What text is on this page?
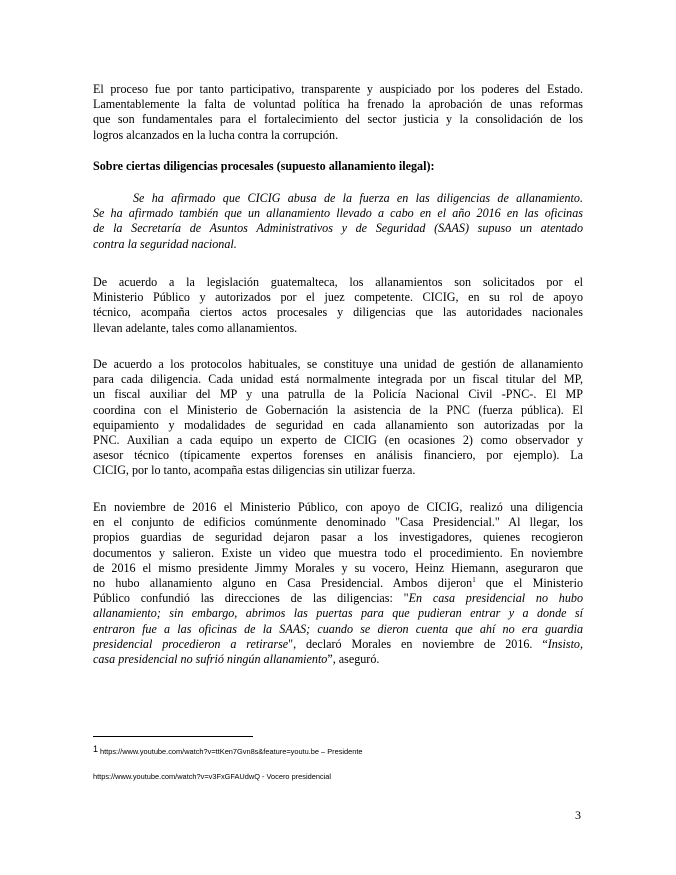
El proceso fue por tanto participativo, transparente y auspiciado por los poderes del Estado.
Lamentablemente la falta de voluntad política ha frenado la aprobación de unas reformas
que son fundamentales para el fortalecimiento del sector justicia y la consolidación de los
logros alcanzados en la lucha contra la corrupción.
Sobre ciertas diligencias procesales (supuesto allanamiento ilegal):
Se ha afirmado que CICIG abusa de la fuerza en las diligencias de allanamiento.
Se ha afirmado también que un allanamiento llevado a cabo en el año 2016 en las oficinas
de la Secretaría de Asuntos Administrativos y de Seguridad (SAAS) supuso un atentado
contra la seguridad nacional.
De acuerdo a la legislación guatemalteca, los allanamientos son solicitados por el
Ministerio Público y autorizados por el juez competente. CICIG, en su rol de apoyo
técnico, acompaña ciertos actos procesales y diligencias que las autoridades nacionales
llevan adelante, tales como allanamientos.
De acuerdo a los protocolos habituales, se constituye una unidad de gestión de allanamiento
para cada diligencia. Cada unidad está normalmente integrada por un fiscal titular del MP,
un fiscal auxiliar del MP y una patrulla de la Policía Nacional Civil -PNC-. El MP
coordina con el Ministerio de Gobernación la asistencia de la PNC (fuerza pública). El
equipamiento y modalidades de seguridad en cada allanamiento son autorizadas por la
PNC. Auxilian a cada equipo un experto de CICIG (en ocasiones 2) como observador y
asesor técnico (típicamente expertos forenses en análisis financiero, por ejemplo). La
CICIG, por lo tanto, acompaña estas diligencias sin utilizar fuerza.
En noviembre de 2016 el Ministerio Público, con apoyo de CICIG, realizó una diligencia
en el conjunto de edificios comúnmente denominado "Casa Presidencial." Al llegar, los
propios guardias de seguridad dejaron pasar a los investigadores, quienes recogieron
documentos y salieron. Existe un video que muestra todo el procedimiento. En noviembre
de 2016 el mismo presidente Jimmy Morales y su vocero, Heinz Hiemann, aseguraron que
no hubo allanamiento alguno en Casa Presidencial. Ambos dijeron$^1$ que el Ministerio
Público confundió las direcciones de las diligencias: "En casa presidencial no hubo
allanamiento; sin embargo, abrimos las puertas para que pudieran entrar y a donde sí
entraron fue a las oficinas de la SAAS; cuando se dieron cuenta que ahí no era guardia
presidencial procedieron a retirarse", declaró Morales en noviembre de 2016. “Insisto,
casa presidencial no sufrió ningún allanamiento”, aseguró.
1 https://www.youtube.com/watch?v=ttKen7Gvn8s&feature=youtu.be – Presidente
https://www.youtube.com/watch?v=v3FxGFAUdwQ - Vocero presidencial
3
